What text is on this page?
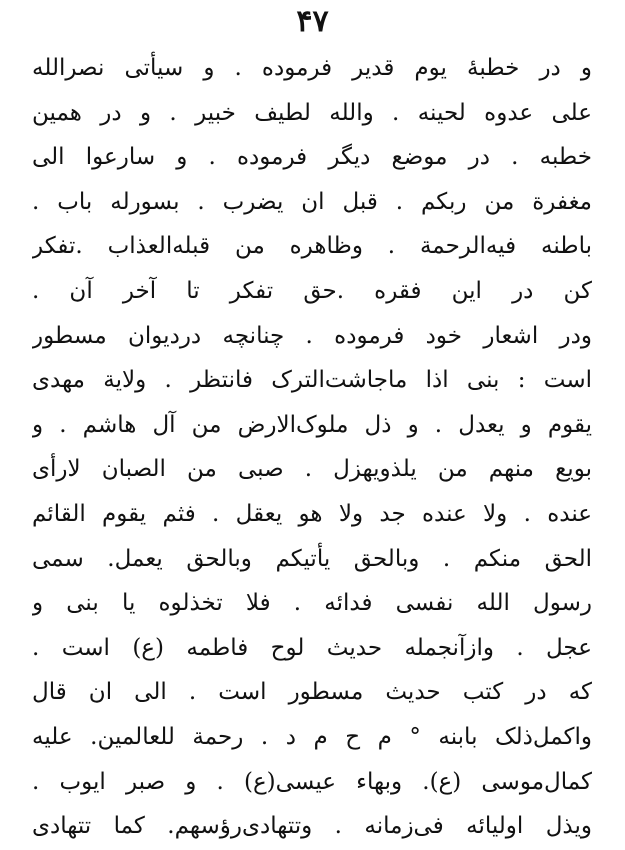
۴۷
و در خطبهٔ یوم قدیر فرموده . و سیأتی نصرالله
علی عدوه لحینه . والله لطیف خبیر . و در همین
خطبه . در موضع دیگر فرموده . و سارعوا الی
مغفرة من ربکم . قبل ان یضرب . بسورله باب .
باطنه فیه‌الرحمة . وظاهره من قبله‌العذاب .تفکر
کن در این فقره .حق تفکر تا آخر آن .
ودر اشعار خود فرموده . چنانچه دردیوان مسطور
است : بنی اذا ماجاشت‌الترک فانتظر . ولایة مهدی
یقوم و یعدل . و ذل ملوک‌الارض من آل هاشم . و
بویع منهم من یلذویهزل . صبی من الصبان لارأی
عنده . ولا عنده جد ولا هو یعقل . فثم یقوم القائم
الحق منکم . وبالحق یأتیکم وبالحق یعمل. سمی
رسول الله نفسی فدائه . فلا تخذلوه یا بنی و
عجل . وازآنجمله حدیث لوح فاطمه (ع) است .
که در کتب حدیث مسطور است . الی ان قال
واکمل‌ذلک بابنه ° م ح م د . رحمة للعالمین. علیه
کمال‌موسی (ع). وبهاء عیسی(ع) . و صبر ایوب .
ویذل اولیائه فی‌زمانه . وتتهادی‌رؤسهم. کما تتهادی
